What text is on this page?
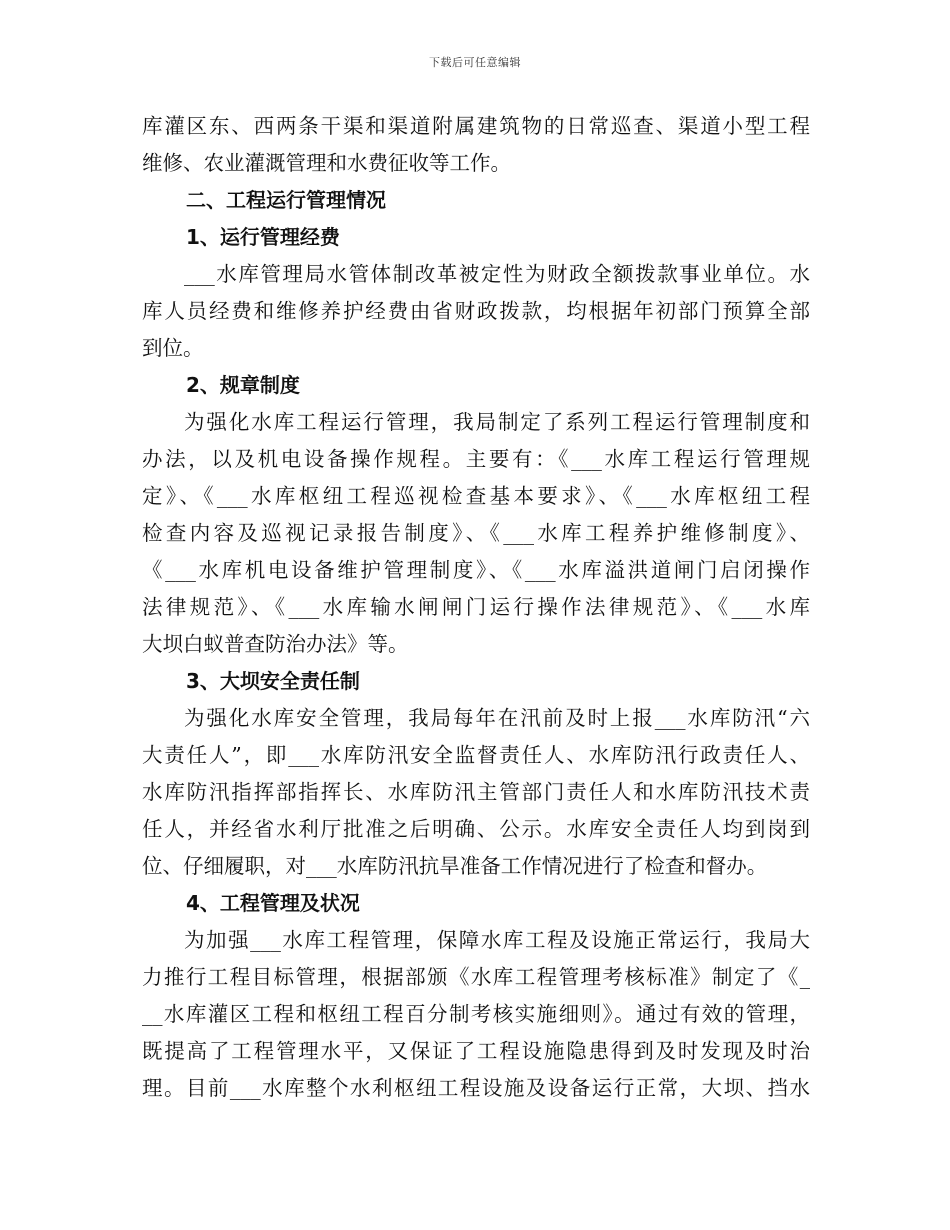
下载后可任意编辑
库灌区东、西两条干渠和渠道附属建筑物的日常巡查、渠道小型工程
维修、农业灌溉管理和水费征收等工作。
二、工程运行管理情况
1、运行管理经费
___水库管理局水管体制改革被定性为财政全额拨款事业单位。水
库人员经费和维修养护经费由省财政拨款，均根据年初部门预算全部
到位。
2、规章制度
为强化水库工程运行管理，我局制定了系列工程运行管理制度和
办法，以及机电设备操作规程。主要有：《___水库工程运行管理规
定》、《___水库枢纽工程巡视检查基本要求》、《___水库枢纽工程
检查内容及巡视记录报告制度》、《___水库工程养护维修制度》、
《___水库机电设备维护管理制度》、《___水库溢洪道闸门启闭操作
法律规范》、《___水库输水闸闸门运行操作法律规范》、《___水库
大坝白蚁普查防治办法》等。
3、大坝安全责任制
为强化水库安全管理，我局每年在汛前及时上报___水库防汛“六
大责任人”，即___水库防汛安全监督责任人、水库防汛行政责任人、
水库防汛指挥部指挥长、水库防汛主管部门责任人和水库防汛技术责
任人，并经省水利厅批准之后明确、公示。水库安全责任人均到岗到
位、仔细履职，对___水库防汛抗旱准备工作情况进行了检查和督办。
4、工程管理及状况
为加强___水库工程管理，保障水库工程及设施正常运行，我局大
力推行工程目标管理，根据部颁《水库工程管理考核标准》制定了《_
__水库灌区工程和枢纽工程百分制考核实施细则》。通过有效的管理，
既提高了工程管理水平，又保证了工程设施隐患得到及时发现及时治
理。目前___水库整个水利枢纽工程设施及设备运行正常，大坝、挡水
